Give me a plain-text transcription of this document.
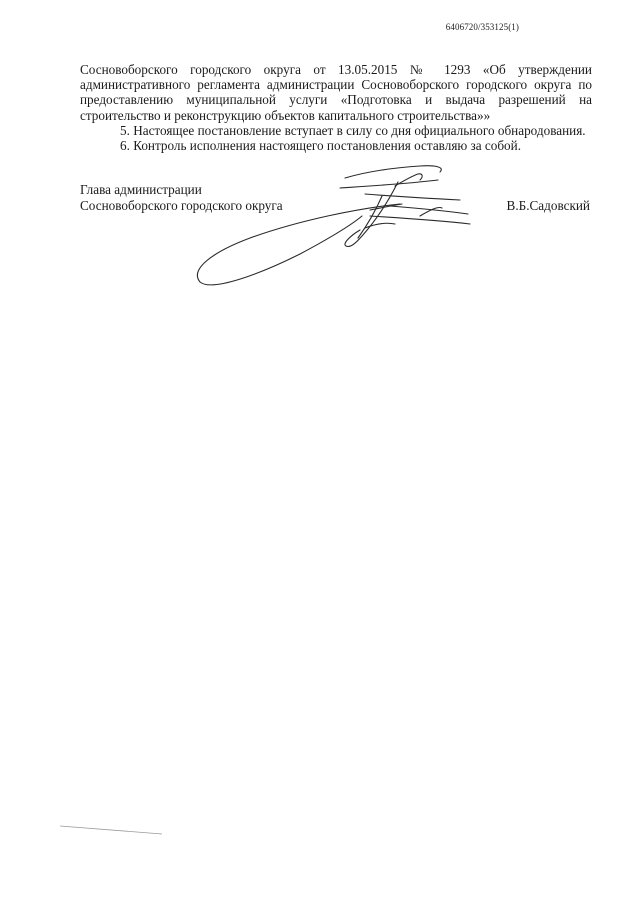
6406720/353125(1)

Сосновоборского городского округа от 13.05.2015 № 1293 «Об утверждении административного регламента администрации Сосновоборского городского округа по предоставлению муниципальной услуги «Подготовка и выдача разрешений на строительство и реконструкцию объектов капитального строительства»»

5. Настоящее постановление вступает в силу со дня официального обнародования.

6. Контроль исполнения настоящего постановления оставляю за собой.

Глава администрации

Сосновоборского городского округа	В.Б.Садовский
